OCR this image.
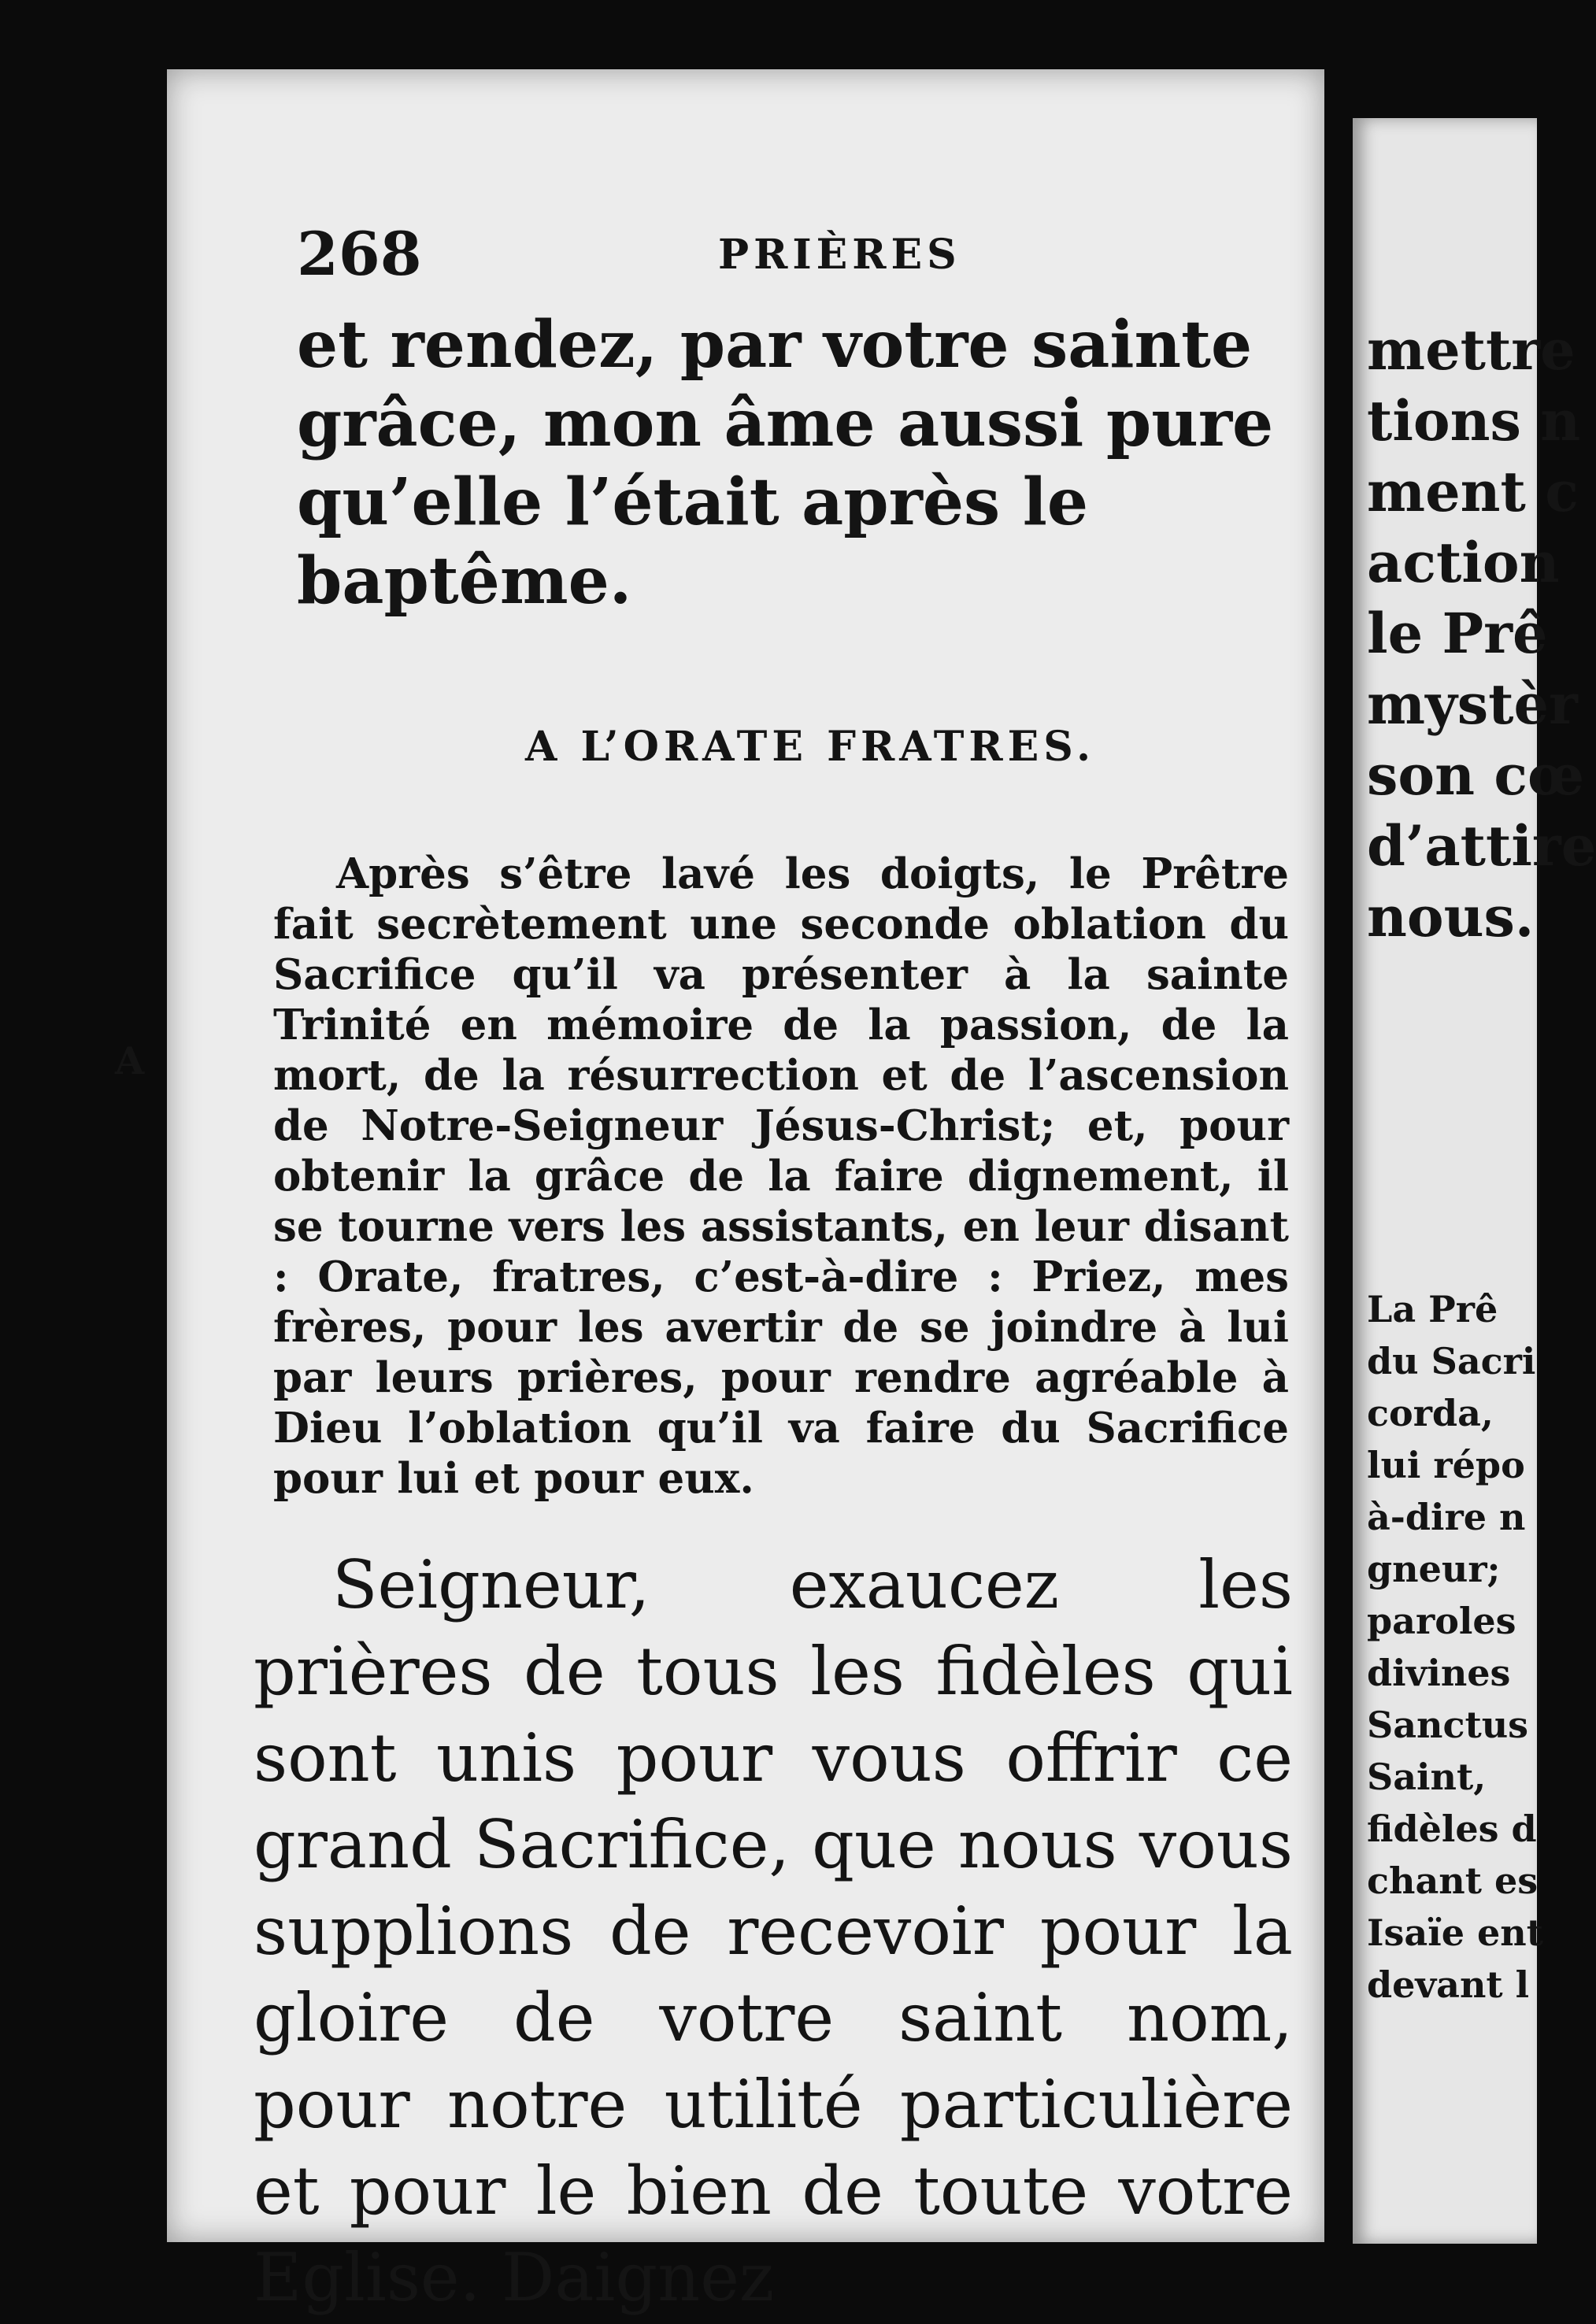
268	PRIÈRES

et rendez, par votre sainte grâce, mon âme aussi pure qu’elle l’était après le baptême.

A L’ORATE FRATRES.

Après s’être lavé les doigts, le Prêtre fait secrètement une seconde oblation du Sacrifice qu’il va présenter à la sainte Trinité en mémoire de la passion, de la mort, de la résurrection et de l’ascension de Notre-Seigneur Jésus-Christ; et, pour obtenir la grâce de la faire dignement, il se tourne vers les assistants, en leur disant : Orate, fratres, c’est-à-dire : Priez, mes frères, pour les avertir de se joindre à lui par leurs prières, pour rendre agréable à Dieu l’oblation qu’il va faire du Sacrifice pour lui et pour eux.

Seigneur, exaucez les prières de tous les fidèles qui sont unis pour vous offrir ce grand Sacrifice, que nous vous supplions de recevoir pour la gloire de votre saint nom, pour notre utilité particulière et pour le bien de toute votre Eglise. Daignez

mettre

tions n

ment c

action

le Prê

mystèr

son cœ

d’attire

nous.

La Prê

du Sacri

corda,

lui répo

à-dire n

gneur;

paroles

divines

Sanctus

Saint,

fidèles d

chant es

Isaïe ent

devant l

A
